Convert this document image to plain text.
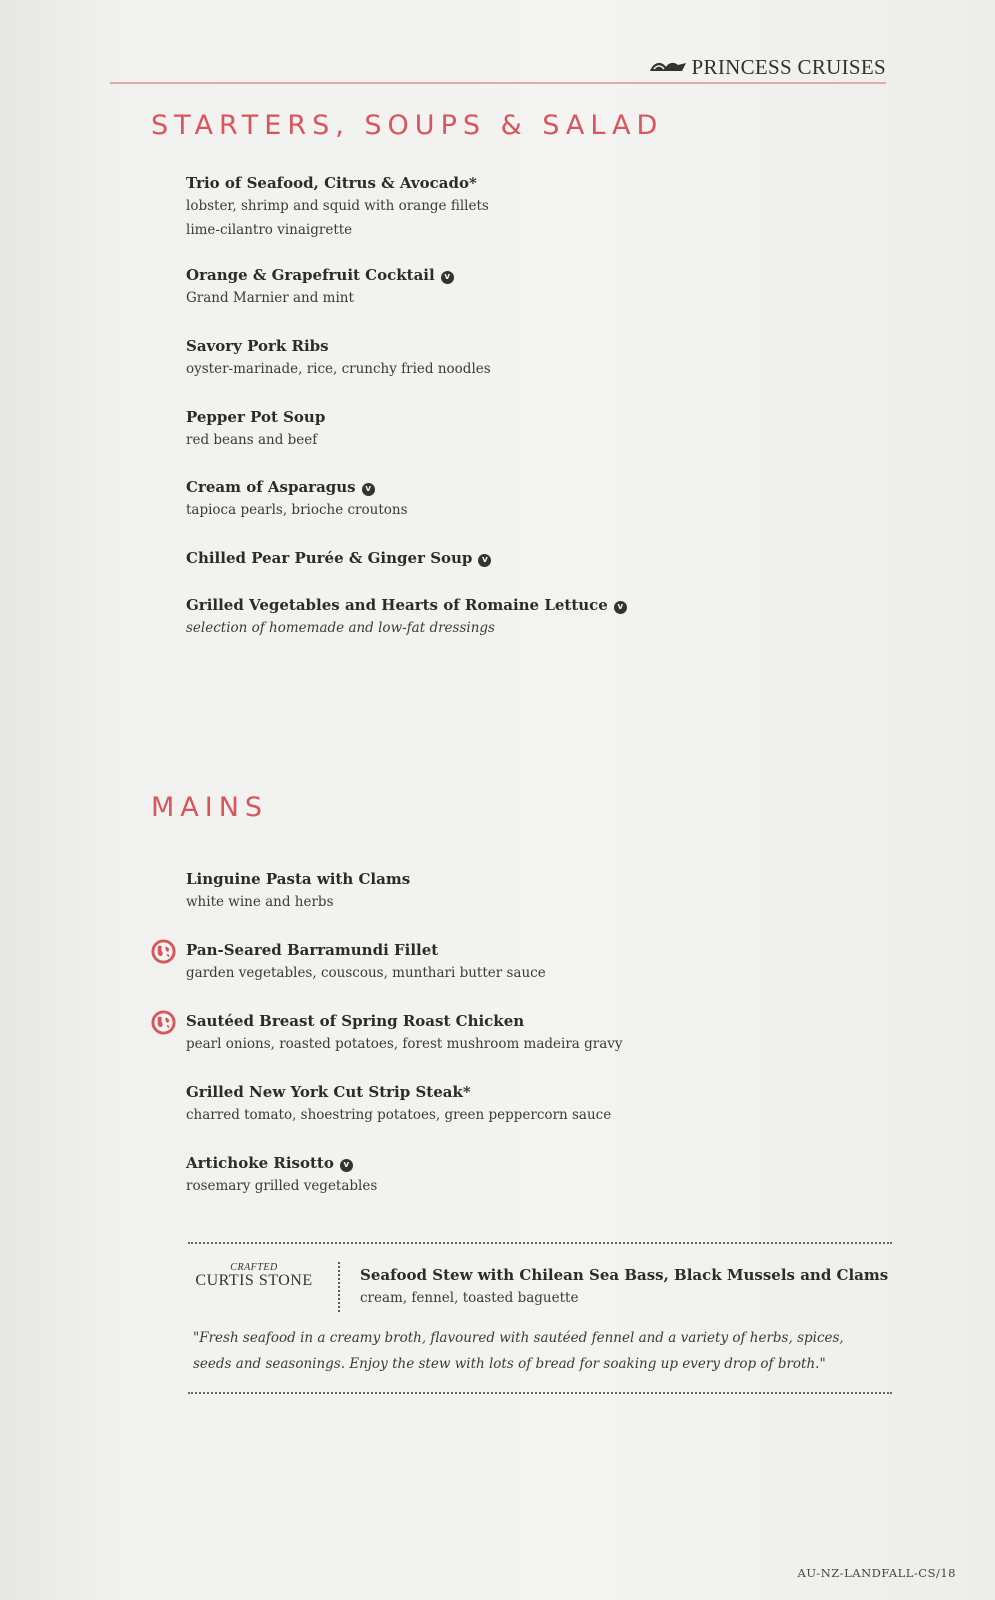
PRINCESS CRUISES
STARTERS, SOUPS & SALAD
Trio of Seafood, Citrus & Avocado*
lobster, shrimp and squid with orange fillets
lime-cilantro vinaigrette
Orange & Grapefruit Cocktail v
Grand Marnier and mint
Savory Pork Ribs
oyster-marinade, rice, crunchy fried noodles
Pepper Pot Soup
red beans and beef
Cream of Asparagus v
tapioca pearls, brioche croutons
Chilled Pear Purée & Ginger Soup v
Grilled Vegetables and Hearts of Romaine Lettuce v
selection of homemade and low-fat dressings
MAINS
Linguine Pasta with Clams
white wine and herbs
Pan-Seared Barramundi Fillet
garden vegetables, couscous, munthari butter sauce
Sautéed Breast of Spring Roast Chicken
pearl onions, roasted potatoes, forest mushroom madeira gravy
Grilled New York Cut Strip Steak*
charred tomato, shoestring potatoes, green peppercorn sauce
Artichoke Risotto v
rosemary grilled vegetables
CRAFTED
CURTIS STONE	Seafood Stew with Chilean Sea Bass, Black Mussels and Clams
cream, fennel, toasted baguette
"Fresh seafood in a creamy broth, flavoured with sautéed fennel and a variety of herbs, spices,
seeds and seasonings. Enjoy the stew with lots of bread for soaking up every drop of broth."
AU-NZ-LANDFALL-CS/18
